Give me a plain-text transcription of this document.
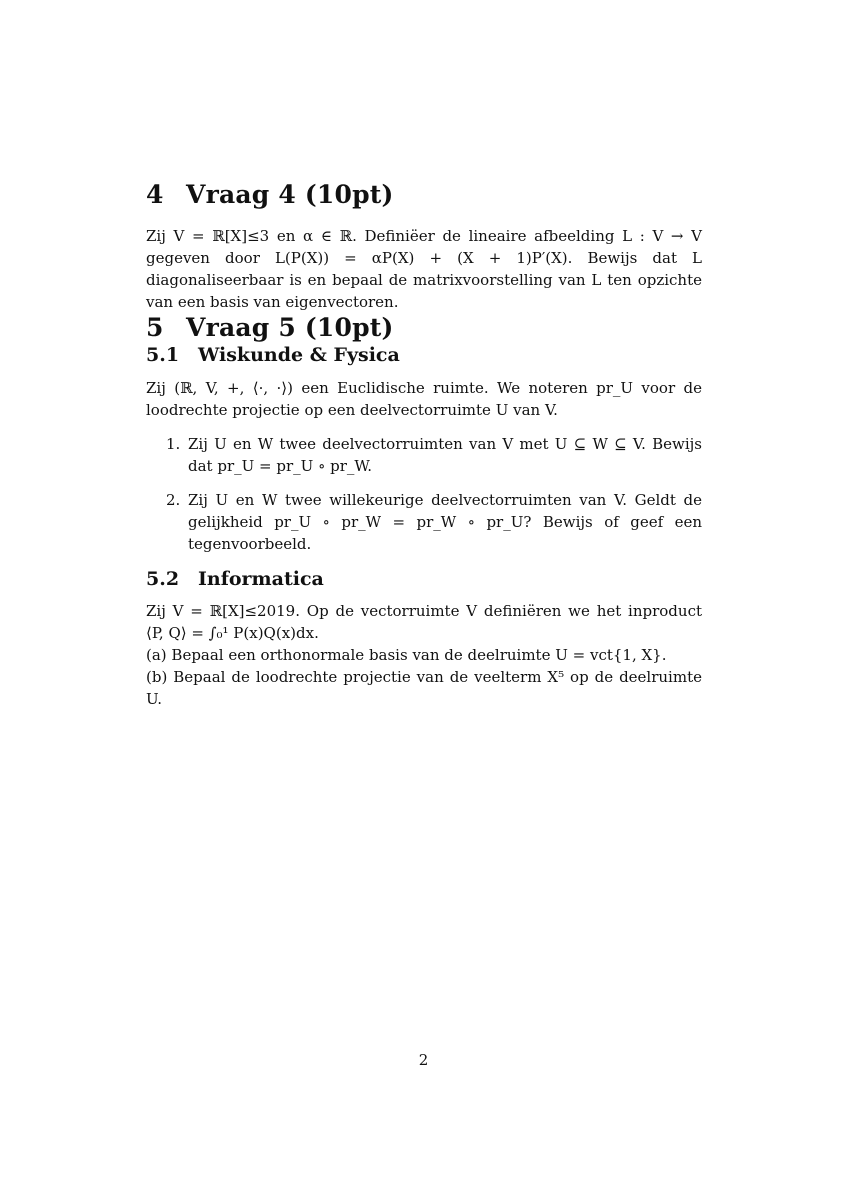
4 Vraag 4 (10pt)

Zij V = ℝ[X]≤3 en α ∈ ℝ. Definiëer de lineaire afbeelding L : V → V gegeven door L(P(X)) = αP(X) + (X + 1)P′(X). Bewijs dat L diagonaliseerbaar is en bepaal de matrixvoorstelling van L ten opzichte van een basis van eigenvectoren.

5 Vraag 5 (10pt)
5.1 Wiskunde & Fysica

Zij (ℝ, V, +, ⟨·, ·⟩) een Euclidische ruimte. We noteren pr_U voor de loodrechte projectie op een deelvectorruimte U van V.

1. Zij U en W twee deelvectorruimten van V met U ⊆ W ⊆ V. Bewijs dat pr_U = pr_U ∘ pr_W.
2. Zij U en W twee willekeurige deelvectorruimten van V. Geldt de gelijkheid pr_U ∘ pr_W = pr_W ∘ pr_U? Bewijs of geef een tegenvoorbeeld.
5.2 Informatica

Zij V = ℝ[X]≤2019. Op de vectorruimte V definiëren we het inproduct ⟨P, Q⟩ = ∫₀¹ P(x)Q(x)dx.

(a) Bepaal een orthonormale basis van de deelruimte U = vct{1, X}.

(b) Bepaal de loodrechte projectie van de veelterm X⁵ op de deelruimte U.

2
